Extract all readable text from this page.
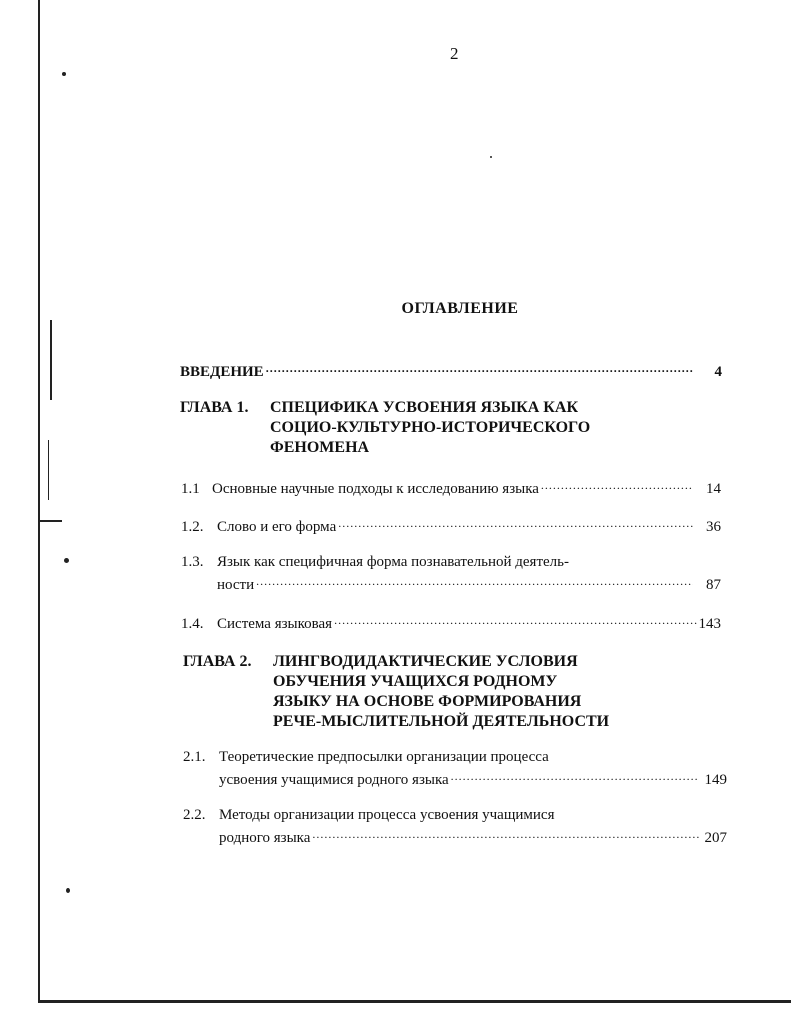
2
ОГЛАВЛЕНИЕ
ВВЕДЕНИЕ .....	4
ГЛАВА 1.	СПЕЦИФИКА УСВОЕНИЯ ЯЗЫКА КАК
СОЦИО-КУЛЬТУРНО-ИСТОРИЧЕСКОГО
ФЕНОМЕНА
1.1 Основные научные подходы к исследованию языка .....	14
1.2. Слово и его форма .....	36
1.3. Язык как специфичная форма познавательной деятель-
ности .....	87
1.4. Система языковая .....	143
ГЛАВА 2.	ЛИНГВОДИДАКТИЧЕСКИЕ УСЛОВИЯ
ОБУЧЕНИЯ УЧАЩИХСЯ РОДНОМУ
ЯЗЫКУ НА ОСНОВЕ ФОРМИРОВАНИЯ
РЕЧЕ-МЫСЛИТЕЛЬНОЙ ДЕЯТЕЛЬНОСТИ
2.1. Теоретические предпосылки организации процесса
усвоения учащимися родного языка .....	149
2.2. Методы организации процесса усвоения учащимися
родного языка .....	207
